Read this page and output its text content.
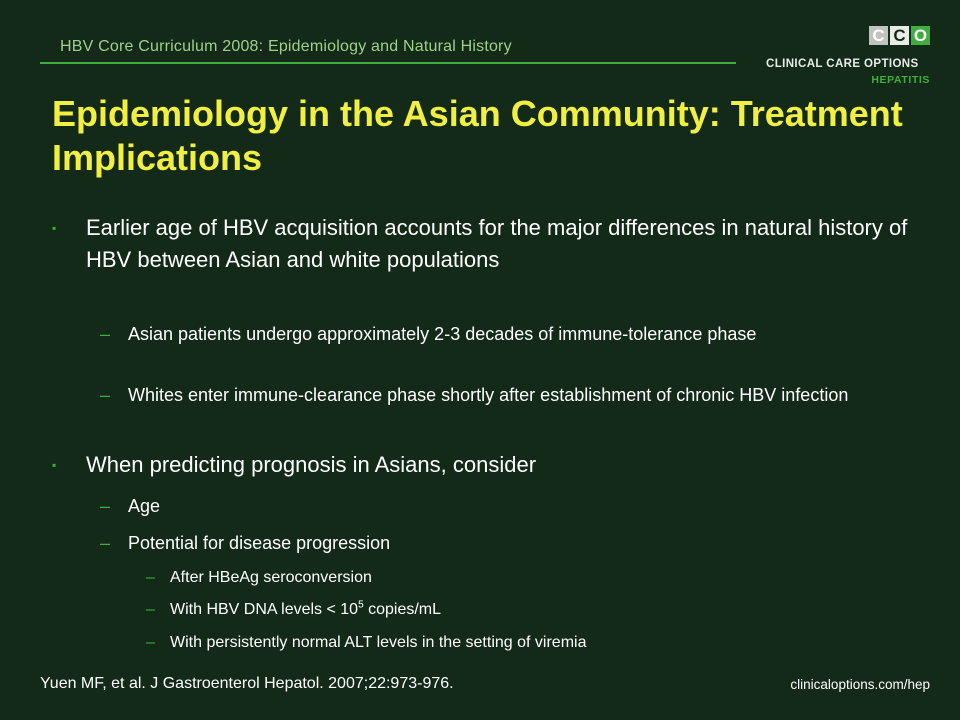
HBV Core Curriculum 2008: Epidemiology and Natural History
C C O
CLINICAL CARE OPTIONS
HEPATITIS
Epidemiology in the Asian Community: Treatment Implications
▪ Earlier age of HBV acquisition accounts for the major differences in natural history of HBV between Asian and white populations
– Asian patients undergo approximately 2-3 decades of immune-tolerance phase
– Whites enter immune-clearance phase shortly after establishment of chronic HBV infection
▪ When predicting prognosis in Asians, consider
– Age
– Potential for disease progression
– After HBeAg seroconversion
– With HBV DNA levels < $10^5$ copies/mL
– With persistently normal ALT levels in the setting of viremia
Yuen MF, et al. J Gastroenterol Hepatol. 2007;22:973-976.	clinicaloptions.com/hep
